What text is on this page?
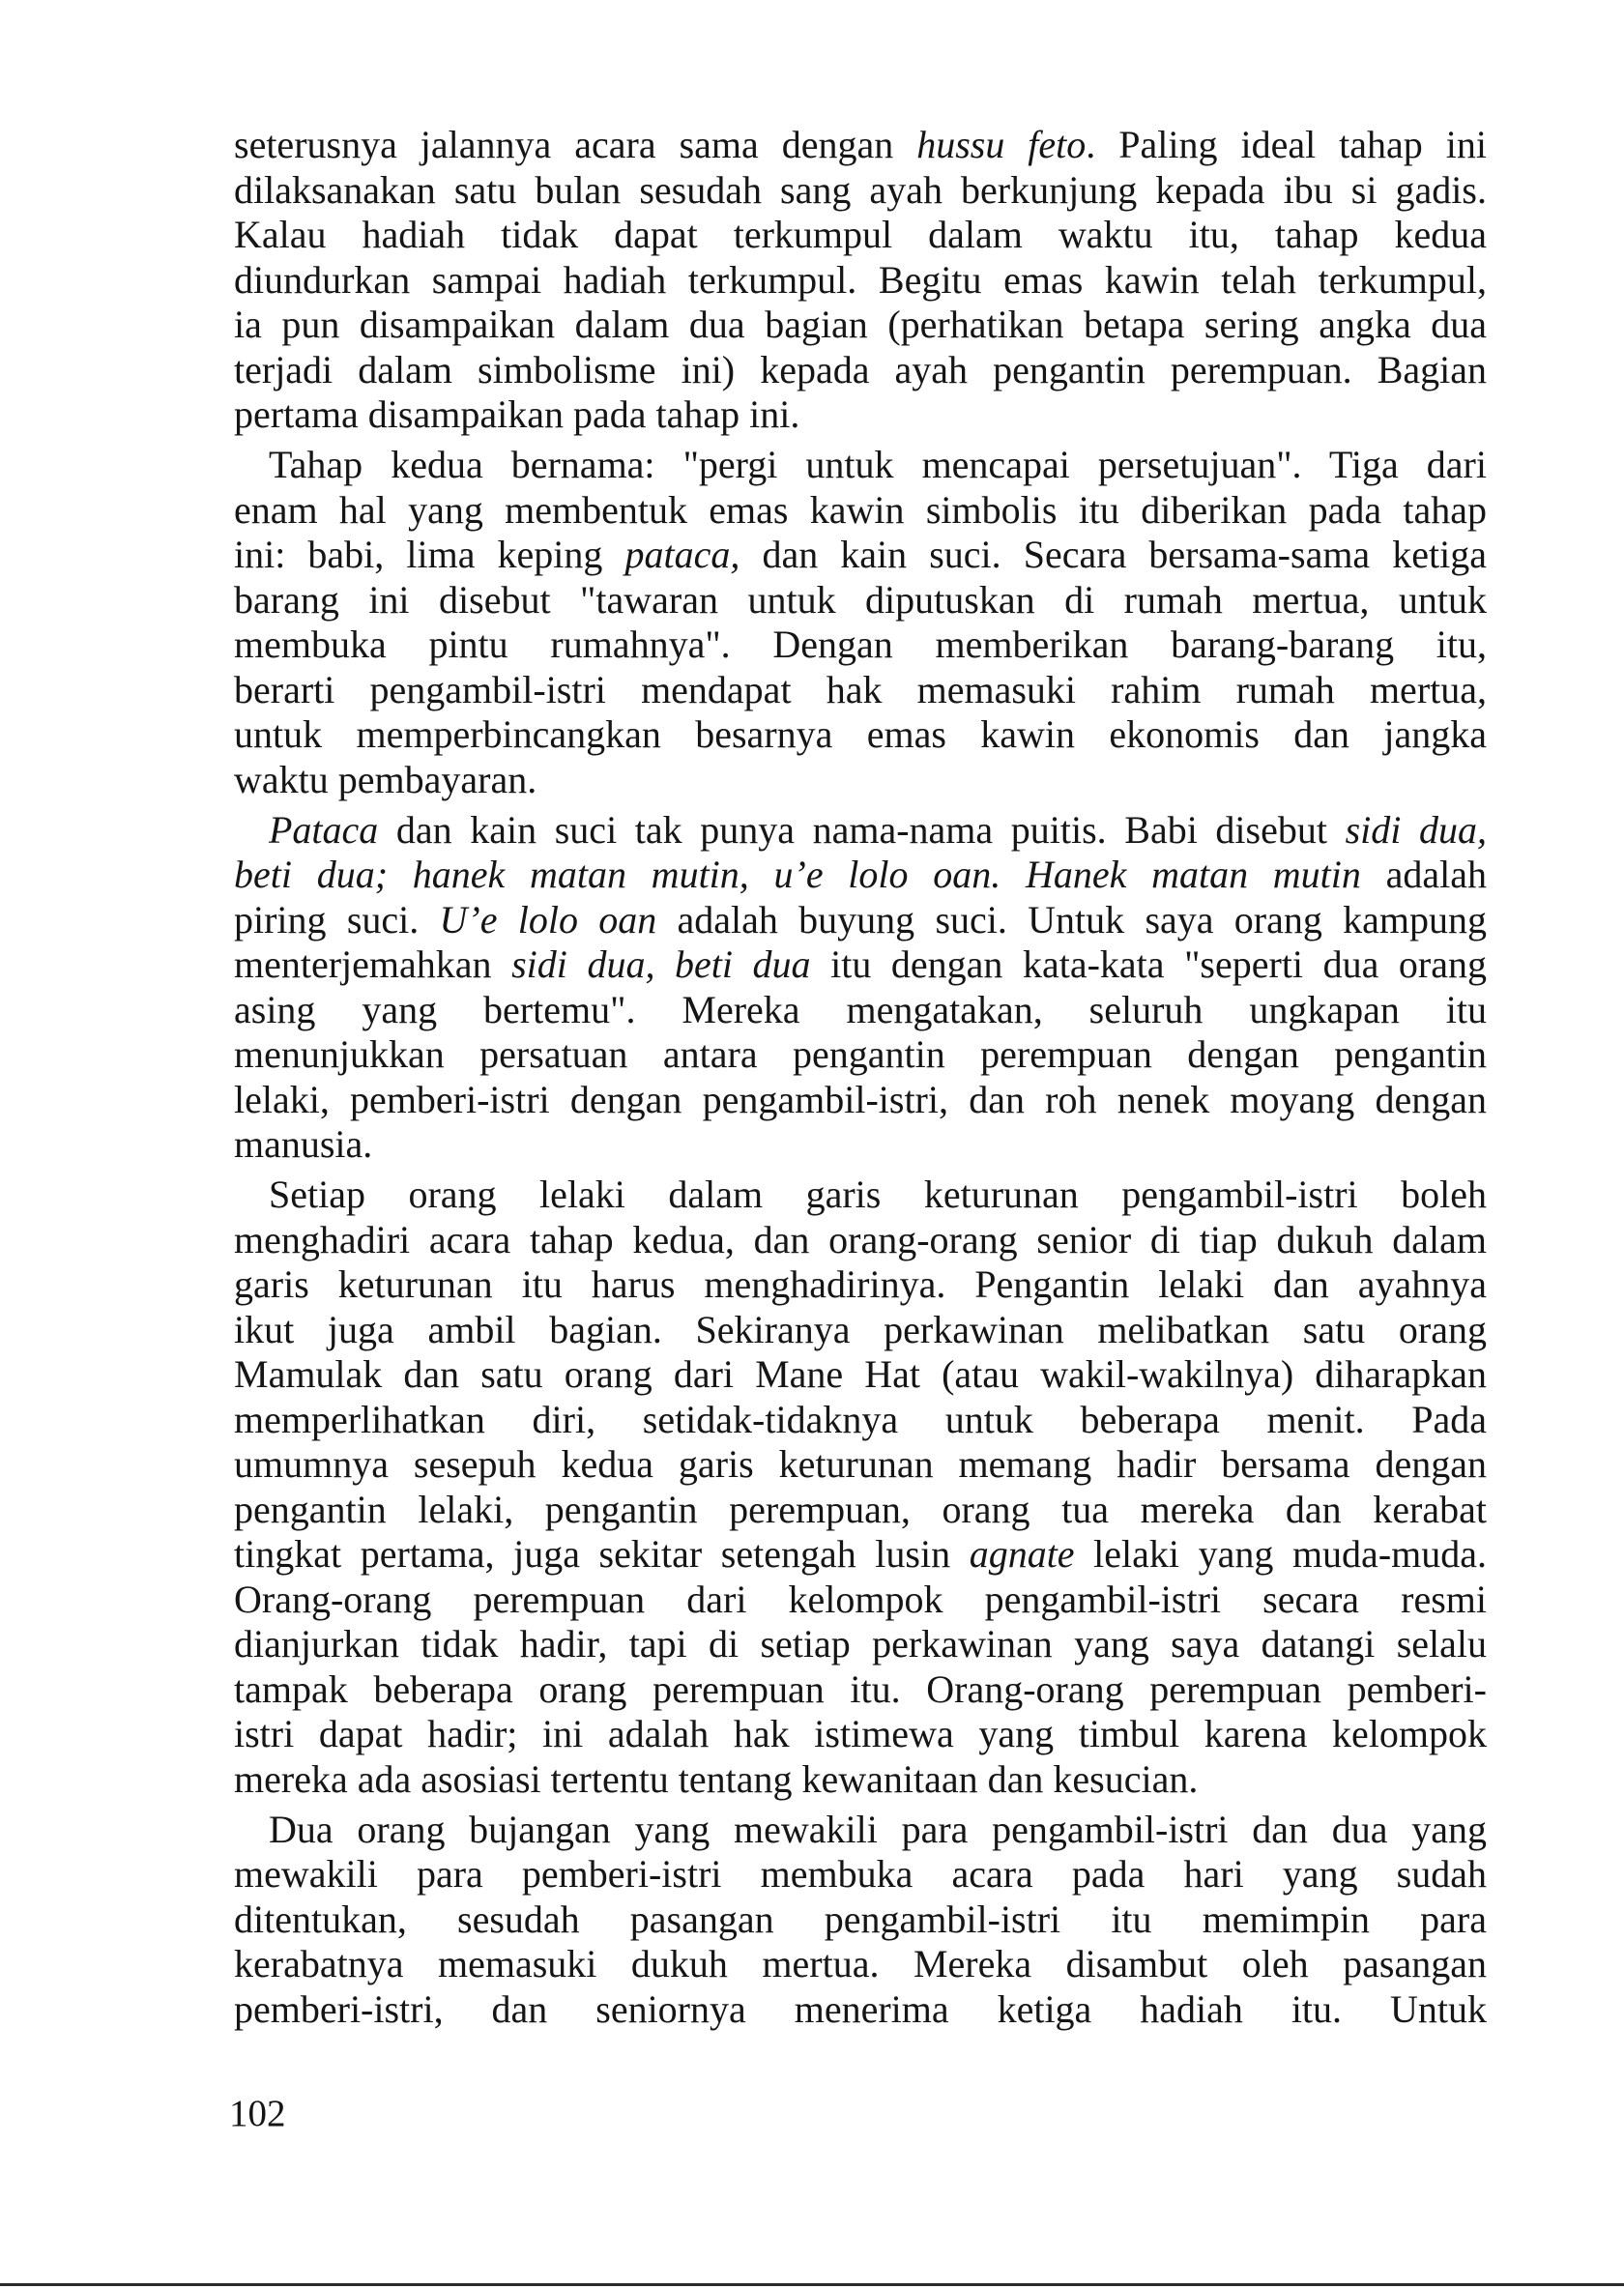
seterusnya jalannya acara sama dengan hussu feto. Paling ideal tahap ini
dilaksanakan satu bulan sesudah sang ayah berkunjung kepada ibu si gadis.
Kalau hadiah tidak dapat terkumpul dalam waktu itu, tahap kedua
diundurkan sampai hadiah terkumpul. Begitu emas kawin telah terkumpul,
ia pun disampaikan dalam dua bagian (perhatikan betapa sering angka dua
terjadi dalam simbolisme ini) kepada ayah pengantin perempuan. Bagian
pertama disampaikan pada tahap ini.
Tahap kedua bernama: "pergi untuk mencapai persetujuan". Tiga dari
enam hal yang membentuk emas kawin simbolis itu diberikan pada tahap
ini: babi, lima keping pataca, dan kain suci. Secara bersama-sama ketiga
barang ini disebut "tawaran untuk diputuskan di rumah mertua, untuk
membuka pintu rumahnya". Dengan memberikan barang-barang itu,
berarti pengambil-istri mendapat hak memasuki rahim rumah mertua,
untuk memperbincangkan besarnya emas kawin ekonomis dan jangka
waktu pembayaran.
Pataca dan kain suci tak punya nama-nama puitis. Babi disebut sidi dua,
beti dua; hanek matan mutin, u’e lolo oan. Hanek matan mutin adalah
piring suci. U’e lolo oan adalah buyung suci. Untuk saya orang kampung
menterjemahkan sidi dua, beti dua itu dengan kata-kata "seperti dua orang
asing yang bertemu". Mereka mengatakan, seluruh ungkapan itu
menunjukkan persatuan antara pengantin perempuan dengan pengantin
lelaki, pemberi-istri dengan pengambil-istri, dan roh nenek moyang dengan
manusia.
Setiap orang lelaki dalam garis keturunan pengambil-istri boleh
menghadiri acara tahap kedua, dan orang-orang senior di tiap dukuh dalam
garis keturunan itu harus menghadirinya. Pengantin lelaki dan ayahnya
ikut juga ambil bagian. Sekiranya perkawinan melibatkan satu orang
Mamulak dan satu orang dari Mane Hat (atau wakil-wakilnya) diharapkan
memperlihatkan diri, setidak-tidaknya untuk beberapa menit. Pada
umumnya sesepuh kedua garis keturunan memang hadir bersama dengan
pengantin lelaki, pengantin perempuan, orang tua mereka dan kerabat
tingkat pertama, juga sekitar setengah lusin agnate lelaki yang muda-muda.
Orang-orang perempuan dari kelompok pengambil-istri secara resmi
dianjurkan tidak hadir, tapi di setiap perkawinan yang saya datangi selalu
tampak beberapa orang perempuan itu. Orang-orang perempuan pemberi-
istri dapat hadir; ini adalah hak istimewa yang timbul karena kelompok
mereka ada asosiasi tertentu tentang kewanitaan dan kesucian.
Dua orang bujangan yang mewakili para pengambil-istri dan dua yang
mewakili para pemberi-istri membuka acara pada hari yang sudah
ditentukan, sesudah pasangan pengambil-istri itu memimpin para
kerabatnya memasuki dukuh mertua. Mereka disambut oleh pasangan
pemberi-istri, dan seniornya menerima ketiga hadiah itu. Untuk
102
